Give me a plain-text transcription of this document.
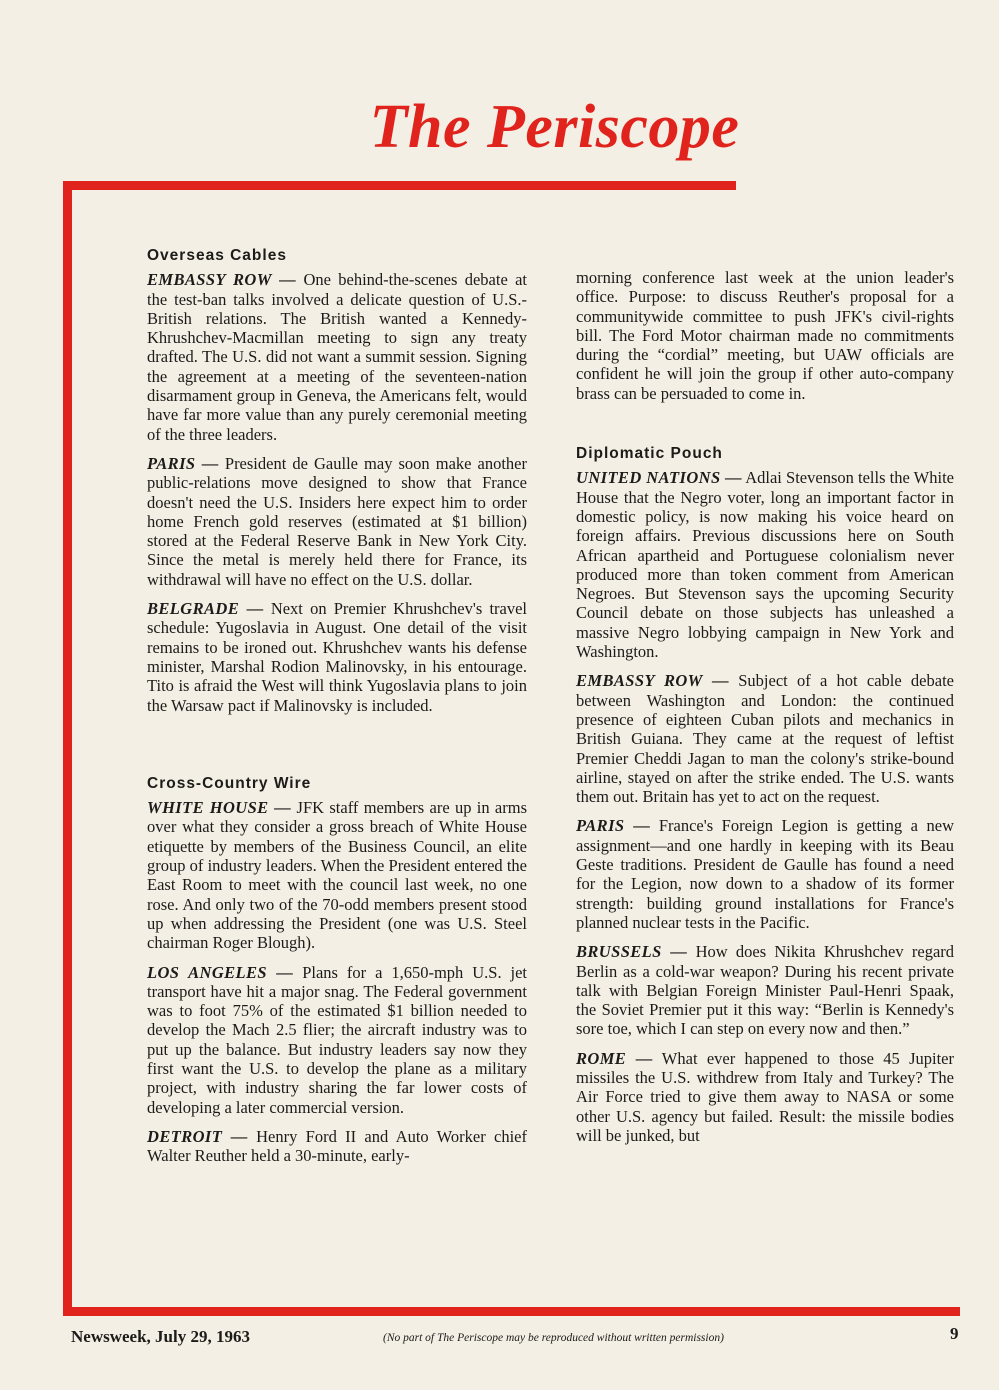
The Periscope
Overseas Cables

EMBASSY ROW — One behind-the-scenes debate at the test-ban talks involved a delicate question of U.S.-British relations. The British wanted a Kennedy-Khrushchev-Macmillan meeting to sign any treaty drafted. The U.S. did not want a summit session. Signing the agreement at a meeting of the seventeen-nation disarmament group in Geneva, the Americans felt, would have far more value than any purely ceremonial meeting of the three leaders.

PARIS — President de Gaulle may soon make another public-relations move designed to show that France doesn't need the U.S. Insiders here expect him to order home French gold reserves (estimated at $1 billion) stored at the Federal Reserve Bank in New York City. Since the metal is merely held there for France, its withdrawal will have no effect on the U.S. dollar.

BELGRADE — Next on Premier Khrushchev's travel schedule: Yugoslavia in August. One detail of the visit remains to be ironed out. Khrushchev wants his defense minister, Marshal Rodion Malinovsky, in his entourage. Tito is afraid the West will think Yugoslavia plans to join the Warsaw pact if Malinovsky is included.

Cross-Country Wire

WHITE HOUSE — JFK staff members are up in arms over what they consider a gross breach of White House etiquette by members of the Business Council, an elite group of industry leaders. When the President entered the East Room to meet with the council last week, no one rose. And only two of the 70-odd members present stood up when addressing the President (one was U.S. Steel chairman Roger Blough).

LOS ANGELES — Plans for a 1,650-mph U.S. jet transport have hit a major snag. The Federal government was to foot 75% of the estimated $1 billion needed to develop the Mach 2.5 flier; the aircraft industry was to put up the balance. But industry leaders say now they first want the U.S. to develop the plane as a military project, with industry sharing the far lower costs of developing a later commercial version.

DETROIT — Henry Ford II and Auto Worker chief Walter Reuther held a 30-minute, early-

morning conference last week at the union leader's office. Purpose: to discuss Reuther's proposal for a communitywide committee to push JFK's civil-rights bill. The Ford Motor chairman made no commitments during the “cordial” meeting, but UAW officials are confident he will join the group if other auto-company brass can be persuaded to come in.

Diplomatic Pouch

UNITED NATIONS — Adlai Stevenson tells the White House that the Negro voter, long an important factor in domestic policy, is now making his voice heard on foreign affairs. Previous discussions here on South African apartheid and Portuguese colonialism never produced more than token comment from American Negroes. But Stevenson says the upcoming Security Council debate on those subjects has unleashed a massive Negro lobbying campaign in New York and Washington.

EMBASSY ROW — Subject of a hot cable debate between Washington and London: the continued presence of eighteen Cuban pilots and mechanics in British Guiana. They came at the request of leftist Premier Cheddi Jagan to man the colony's strike-bound airline, stayed on after the strike ended. The U.S. wants them out. Britain has yet to act on the request.

PARIS — France's Foreign Legion is getting a new assignment—and one hardly in keeping with its Beau Geste traditions. President de Gaulle has found a need for the Legion, now down to a shadow of its former strength: building ground installations for France's planned nuclear tests in the Pacific.

BRUSSELS — How does Nikita Khrushchev regard Berlin as a cold-war weapon? During his recent private talk with Belgian Foreign Minister Paul-Henri Spaak, the Soviet Premier put it this way: “Berlin is Kennedy's sore toe, which I can step on every now and then.”

ROME — What ever happened to those 45 Jupiter missiles the U.S. withdrew from Italy and Turkey? The Air Force tried to give them away to NASA or some other U.S. agency but failed. Result: the missile bodies will be junked, but

Newsweek, July 29, 1963	(No part of The Periscope may be reproduced without written permission)	9
